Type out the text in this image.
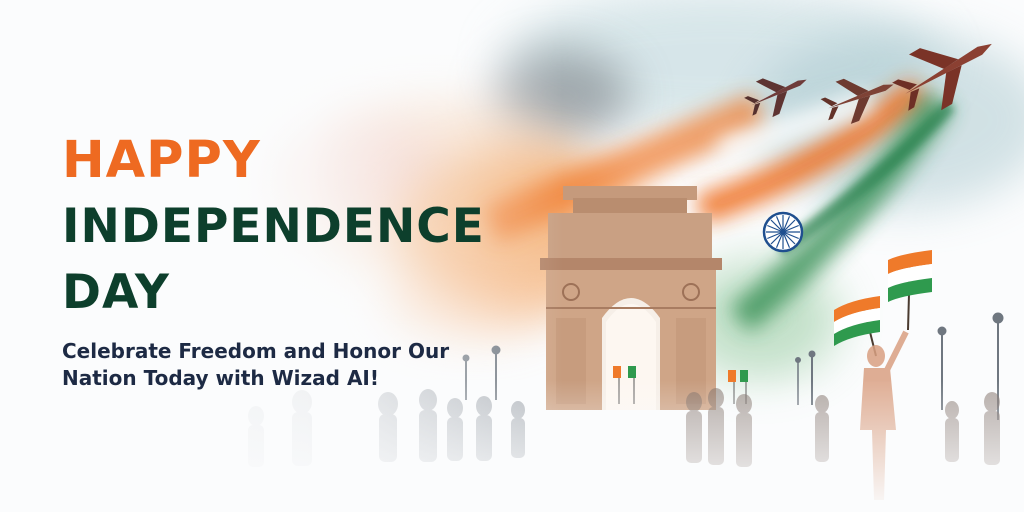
HAPPY
INDEPENDENCE
DAY

Celebrate Freedom and Honor Our Nation Today with Wizad AI!
